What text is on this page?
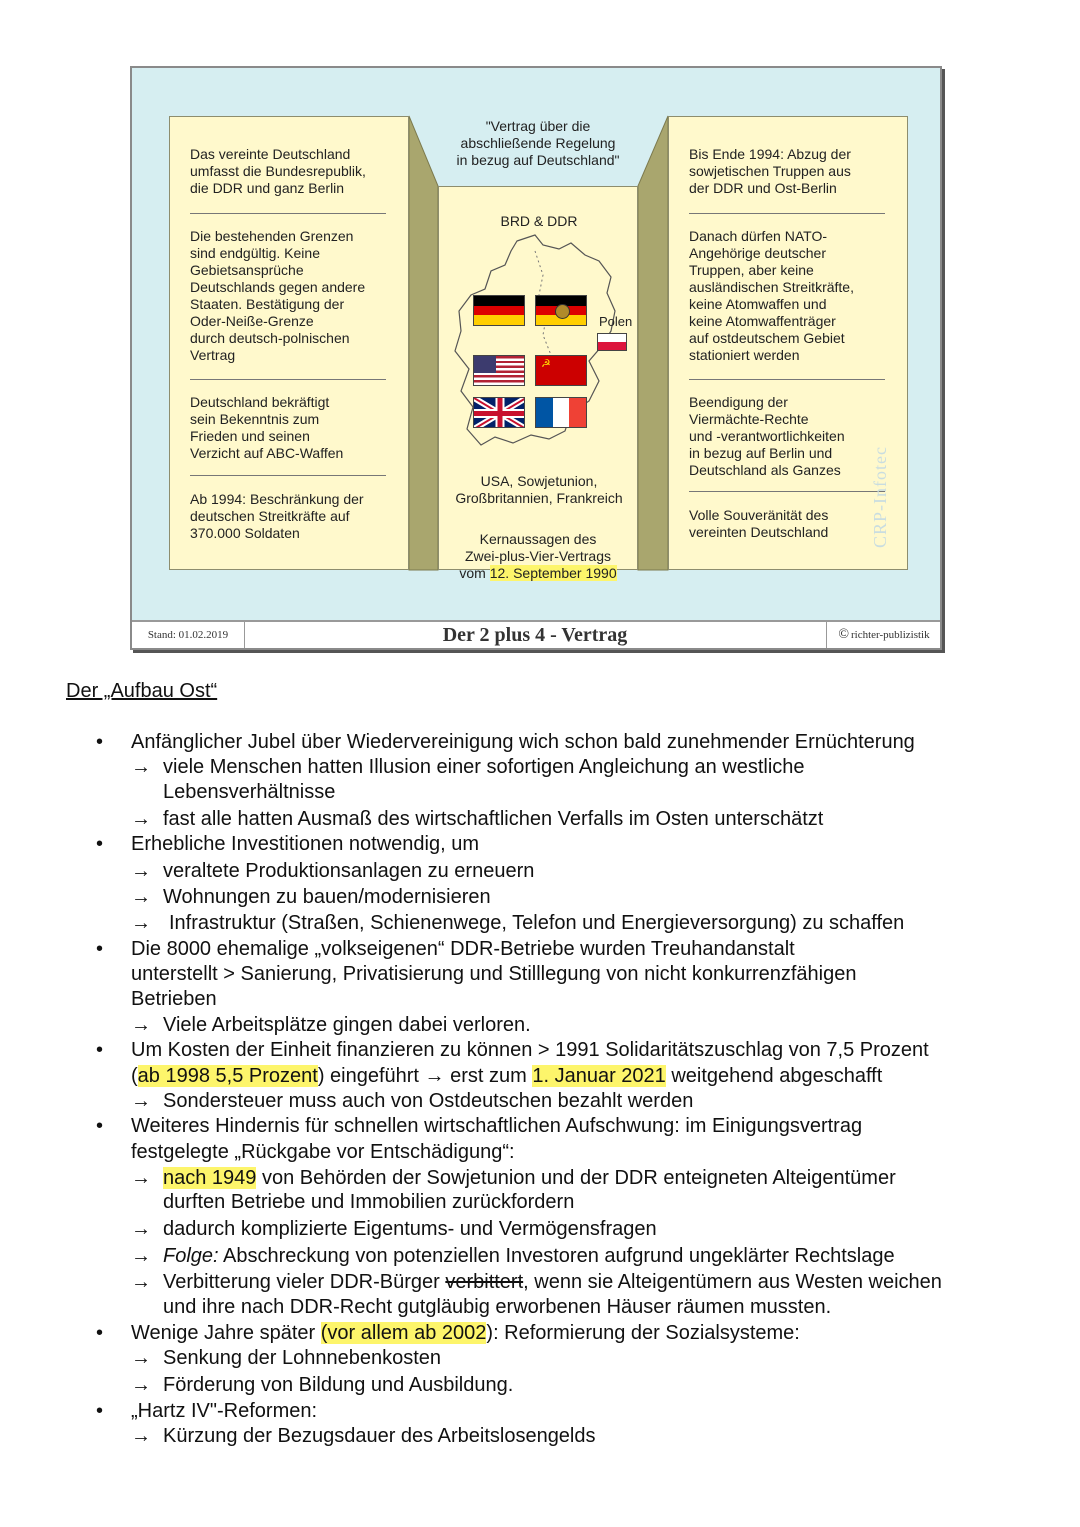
Das vereinte Deutschland
umfasst die Bundesrepublik,
die DDR und ganz Berlin
Die bestehenden Grenzen
sind endgültig. Keine
Gebietsansprüche
Deutschlands gegen andere
Staaten. Bestätigung der
Oder-Neiße-Grenze
durch deutsch-polnischen
Vertrag
Deutschland bekräftigt
sein Bekenntnis zum
Frieden und seinen
Verzicht auf ABC-Waffen
Ab 1994: Beschränkung der
deutschen Streitkräfte auf
370.000 Soldaten
Bis Ende 1994: Abzug der
sowjetischen Truppen aus
der DDR und Ost-Berlin
Danach dürfen NATO-
Angehörige deutscher
Truppen, aber keine
ausländischen Streitkräfte,
keine Atomwaffen und
keine Atomwaffenträger
auf ostdeutschem Gebiet
stationiert werden
Beendigung der
Viermächte-Rechte
und -verantwortlichkeiten
in bezug auf Berlin und
Deutschland als Ganzes
Volle Souveränität des
vereinten Deutschland
"Vertrag über die
abschließende Regelung
in bezug auf Deutschland"
BRD & DDR
Polen
☭
USA, Sowjetunion,
Großbritannien, Frankreich
Kernaussagen des
Zwei-plus-Vier-Vertrags
vom 12. September 1990
CRP-Infotec
Stand: 01.02.2019	Der 2 plus 4 - Vertrag	© richter-publizistik
Der „Aufbau Ost“
• Anfänglicher Jubel über Wiedervereinigung wich schon bald zunehmender Ernüchterung
→ viele Menschen hatten Illusion einer sofortigen Angleichung an westliche
Lebensverhältnisse
→ fast alle hatten Ausmaß des wirtschaftlichen Verfalls im Osten unterschätzt
• Erhebliche Investitionen notwendig, um
→ veraltete Produktionsanlagen zu erneuern
→ Wohnungen zu bauen/modernisieren
→ Infrastruktur (Straßen, Schienenwege, Telefon und Energieversorgung) zu schaffen
• Die 8000 ehemalige „volkseigenen“ DDR-Betriebe wurden Treuhandanstalt
unterstellt > Sanierung, Privatisierung und Stilllegung von nicht konkurrenzfähigen
Betrieben
→ Viele Arbeitsplätze gingen dabei verloren.
• Um Kosten der Einheit finanzieren zu können > 1991 Solidaritätszuschlag von 7,5 Prozent
(ab 1998 5,5 Prozent) eingeführt → erst zum 1. Januar 2021 weitgehend abgeschafft
→ Sondersteuer muss auch von Ostdeutschen bezahlt werden
• Weiteres Hindernis für schnellen wirtschaftlichen Aufschwung: im Einigungsvertrag
festgelegte „Rückgabe vor Entschädigung“:
→ nach 1949 von Behörden der Sowjetunion und der DDR enteigneten Alteigentümer
durften Betriebe und Immobilien zurückfordern
→ dadurch komplizierte Eigentums- und Vermögensfragen
→ Folge: Abschreckung von potenziellen Investoren aufgrund ungeklärter Rechtslage
→ Verbitterung vieler DDR-Bürger verbittert, wenn sie Alteigentümern aus Westen weichen
und ihre nach DDR-Recht gutgläubig erworbenen Häuser räumen mussten.
• Wenige Jahre später (vor allem ab 2002): Reformierung der Sozialsysteme:
→ Senkung der Lohnnebenkosten
→ Förderung von Bildung und Ausbildung.
• „Hartz IV"-Reformen:
→ Kürzung der Bezugsdauer des Arbeitslosengelds
